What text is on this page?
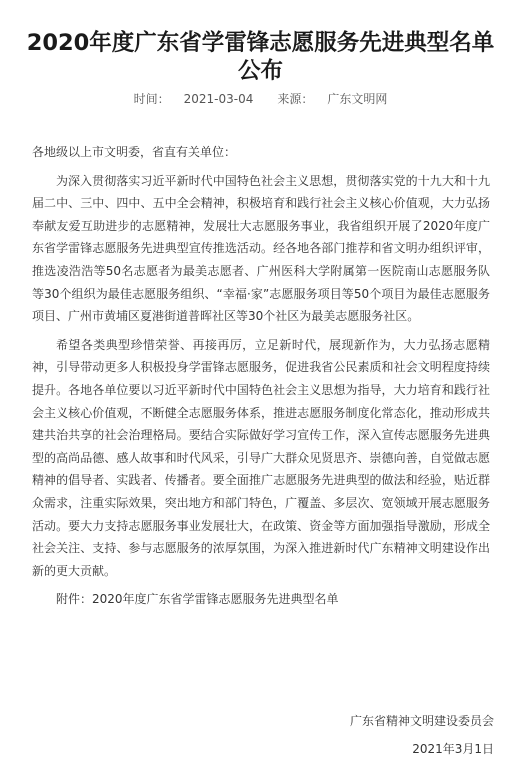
2020年度广东省学雷锋志愿服务先进典型名单公布
时间： 2021-03-04 来源： 广东文明网

各地级以上市文明委，省直有关单位：

为深入贯彻落实习近平新时代中国特色社会主义思想，贯彻落实党的十九大和十九届二中、三中、四中、五中全会精神，积极培育和践行社会主义核心价值观，大力弘扬奉献友爱互助进步的志愿精神，发展壮大志愿服务事业，我省组织开展了2020年度广东省学雷锋志愿服务先进典型宣传推选活动。经各地各部门推荐和省文明办组织评审，推选凌浩浩等50名志愿者为最美志愿者、广州医科大学附属第一医院南山志愿服务队等30个组织为最佳志愿服务组织、“幸福·家”志愿服务项目等50个项目为最佳志愿服务项目、广州市黄埔区夏港街道普晖社区等30个社区为最美志愿服务社区。

希望各类典型珍惜荣誉、再接再厉，立足新时代，展现新作为，大力弘扬志愿精神，引导带动更多人积极投身学雷锋志愿服务，促进我省公民素质和社会文明程度持续提升。各地各单位要以习近平新时代中国特色社会主义思想为指导，大力培育和践行社会主义核心价值观，不断健全志愿服务体系，推进志愿服务制度化常态化，推动形成共建共治共享的社会治理格局。要结合实际做好学习宣传工作，深入宣传志愿服务先进典型的高尚品德、感人故事和时代风采，引导广大群众见贤思齐、崇德向善，自觉做志愿精神的倡导者、实践者、传播者。要全面推广志愿服务先进典型的做法和经验，贴近群众需求，注重实际效果，突出地方和部门特色，广覆盖、多层次、宽领域开展志愿服务活动。要大力支持志愿服务事业发展壮大，在政策、资金等方面加强指导激励，形成全社会关注、支持、参与志愿服务的浓厚氛围，为深入推进新时代广东精神文明建设作出新的更大贡献。

附件：2020年度广东省学雷锋志愿服务先进典型名单

广东省精神文明建设委员会
2021年3月1日
